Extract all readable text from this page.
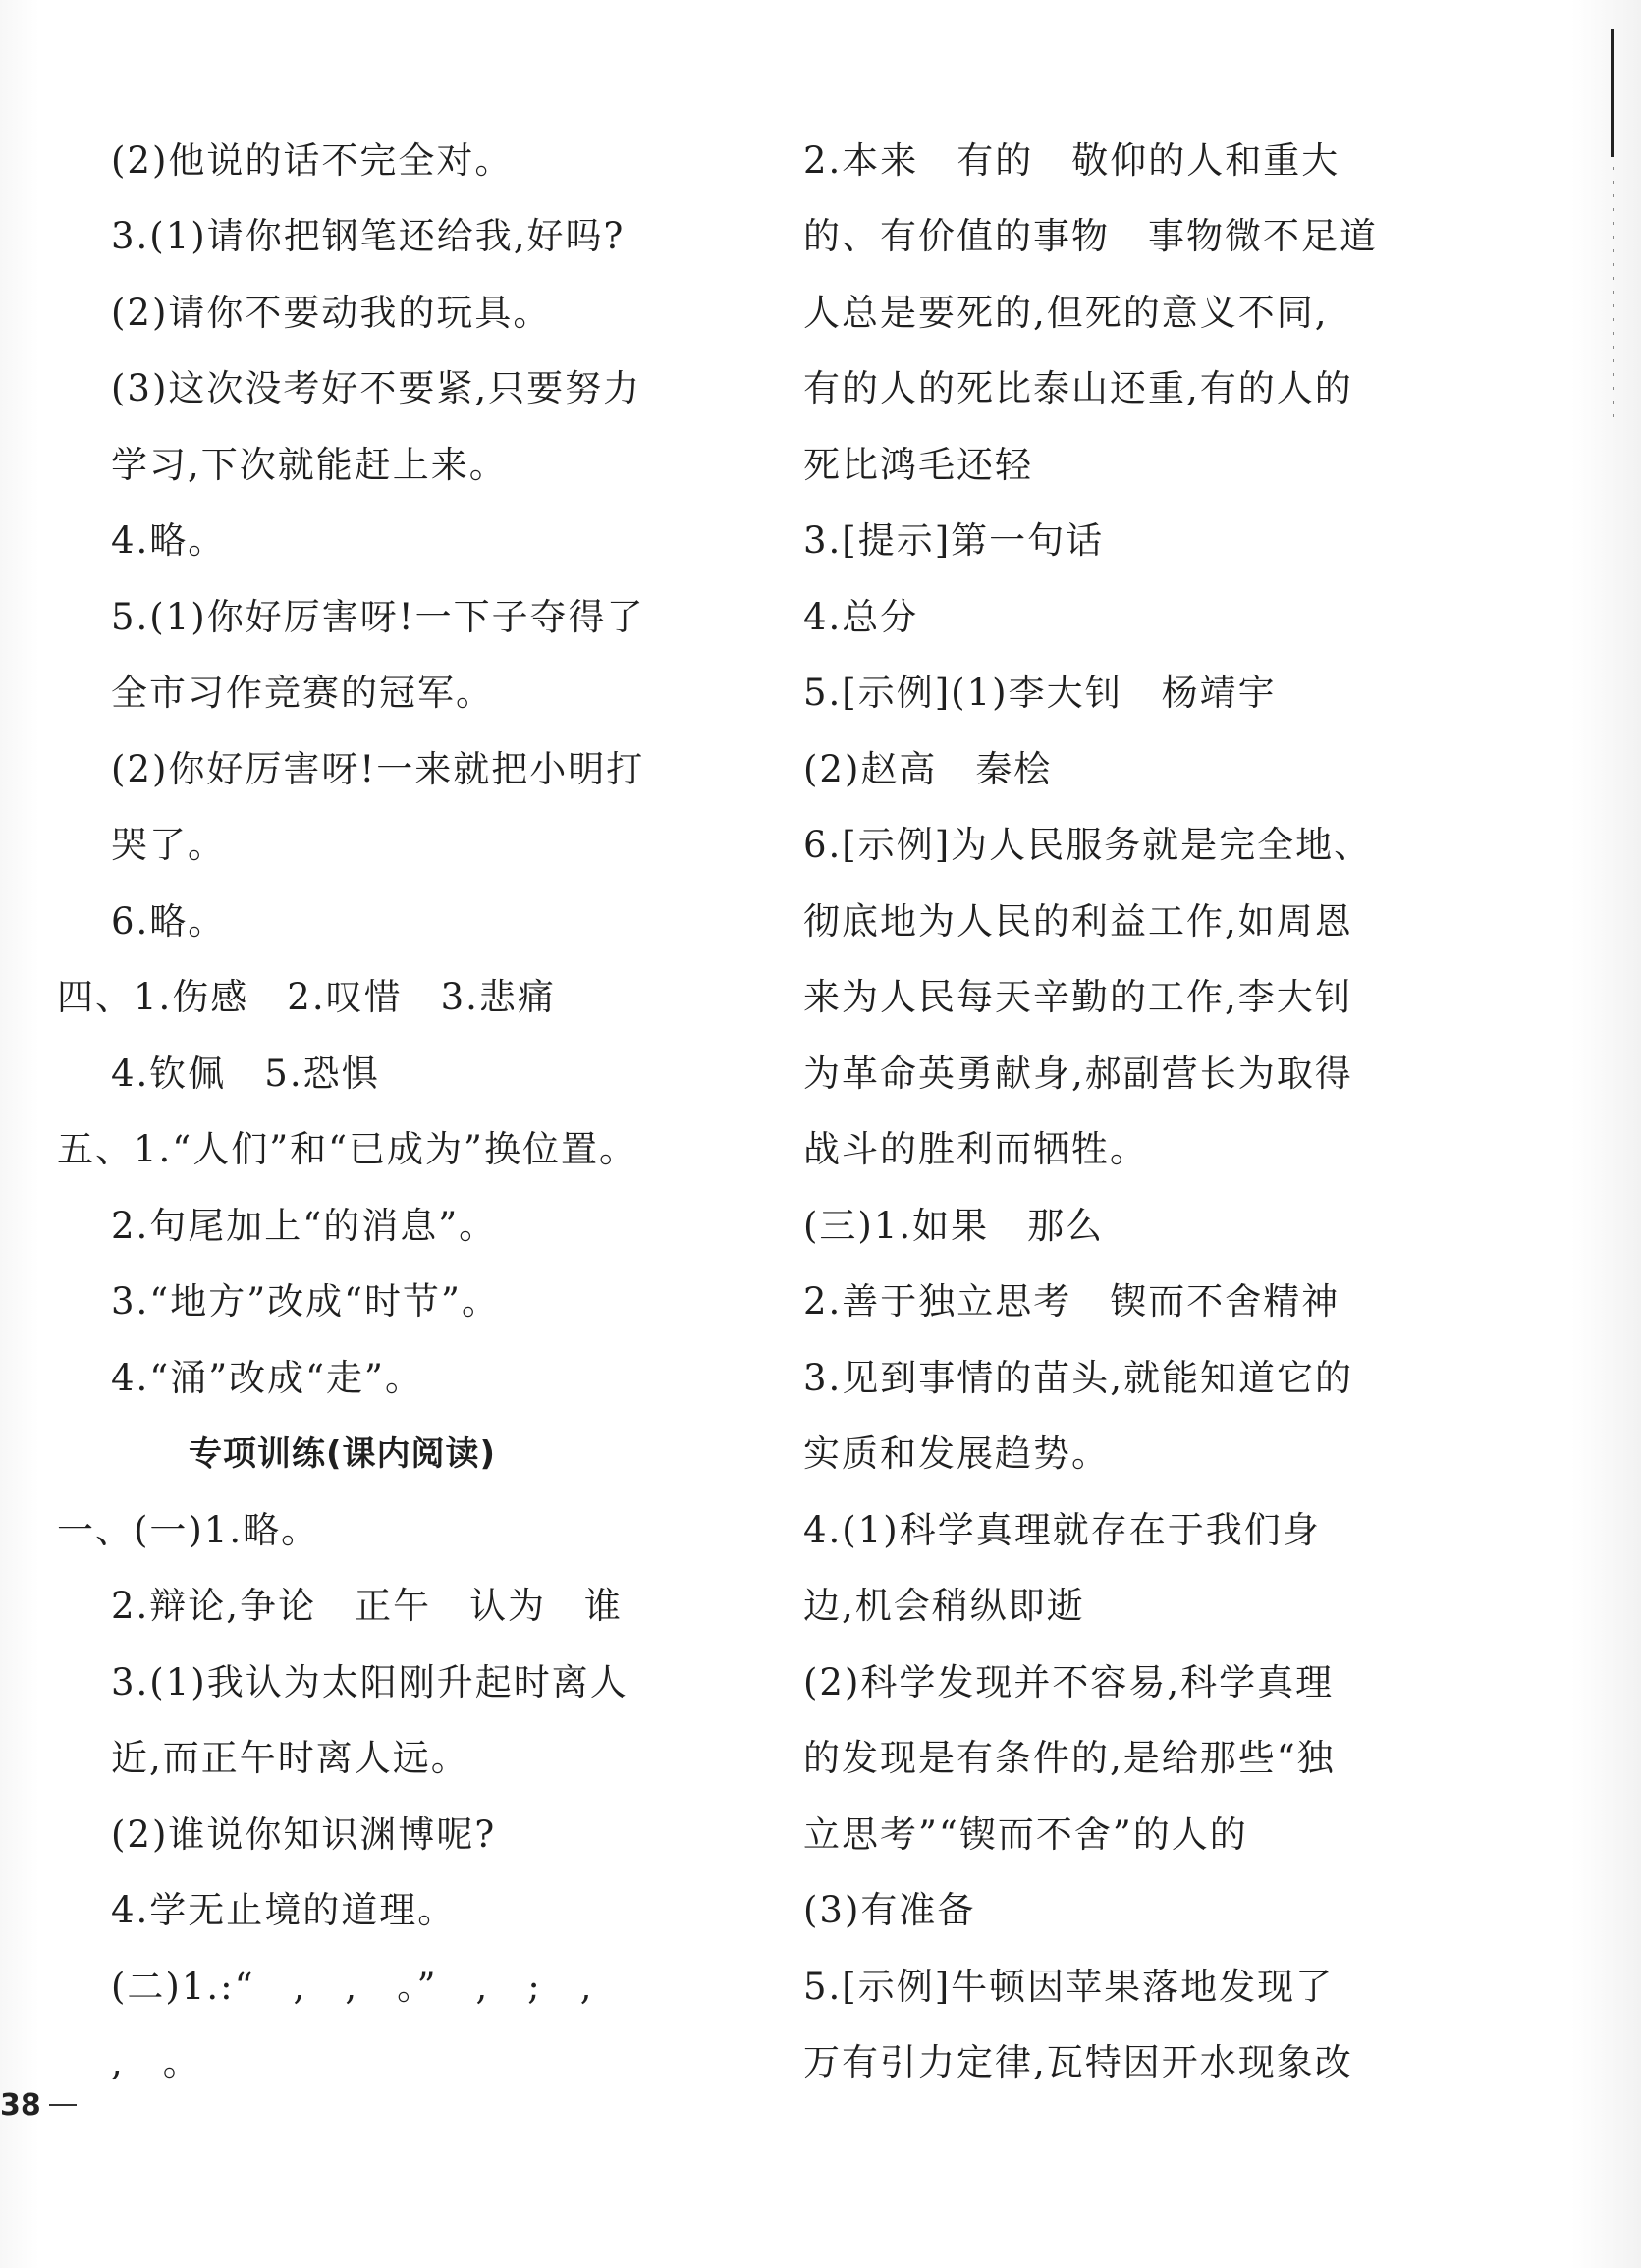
(2)他说的话不完全对。
3.(1)请你把钢笔还给我,好吗?
(2)请你不要动我的玩具。
(3)这次没考好不要紧,只要努力
学习,下次就能赶上来。
4.略。
5.(1)你好厉害呀!一下子夺得了
全市习作竞赛的冠军。
(2)你好厉害呀!一来就把小明打
哭了。
6.略。
四、1.伤感　2.叹惜　3.悲痛
4.钦佩　5.恐惧
五、1.“人们”和“已成为”换位置。
2.句尾加上“的消息”。
3.“地方”改成“时节”。
4.“涌”改成“走”。
专项训练(课内阅读)
一、(一)1.略。
2.辩论,争论　正午　认为　谁
3.(1)我认为太阳刚升起时离人
近,而正午时离人远。
(2)谁说你知识渊博呢?
4.学无止境的道理。
(二)1.:“　,　,　。”　,　;　,
,　。
2.本来　有的　敬仰的人和重大
的、有价值的事物　事物微不足道
人总是要死的,但死的意义不同,
有的人的死比泰山还重,有的人的
死比鸿毛还轻
3.[提示]第一句话
4.总分
5.[示例](1)李大钊　杨靖宇
(2)赵高　秦桧
6.[示例]为人民服务就是完全地、
彻底地为人民的利益工作,如周恩
来为人民每天辛勤的工作,李大钊
为革命英勇献身,郝副营长为取得
战斗的胜利而牺牲。
(三)1.如果　那么
2.善于独立思考　锲而不舍精神
3.见到事情的苗头,就能知道它的
实质和发展趋势。
4.(1)科学真理就存在于我们身
边,机会稍纵即逝
(2)科学发现并不容易,科学真理
的发现是有条件的,是给那些“独
立思考”“锲而不舍”的人的
(3)有准备
5.[示例]牛顿因苹果落地发现了
万有引力定律,瓦特因开水现象改
38
